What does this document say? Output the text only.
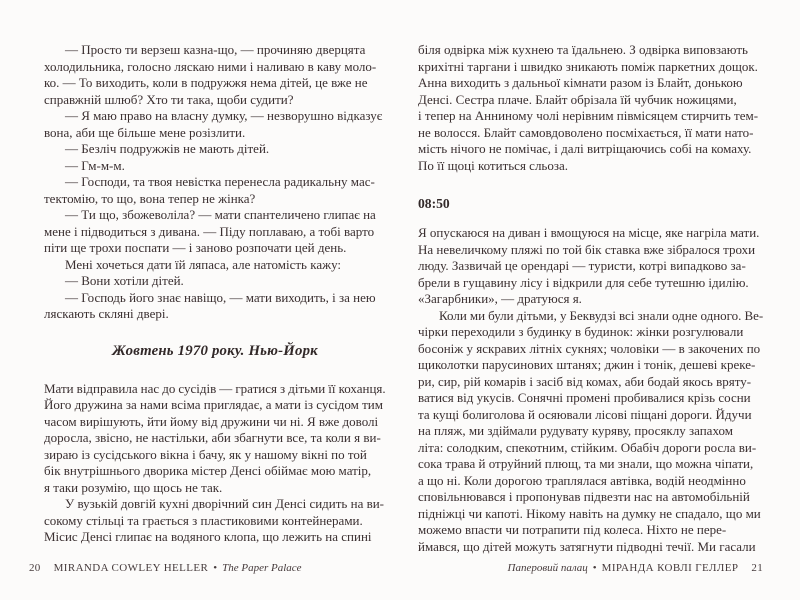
— Просто ти верзеш казна-що, — прочиняю дверцята
холодильника, голосно ляскаю ними і наливаю в каву моло-
ко. — То виходить, коли в подружжя нема дітей, це вже не
справжній шлюб? Хто ти така, щоби судити?
— Я маю право на власну думку, — незворушно відказує
вона, аби ще більше мене розізлити.
— Безліч подружжів не мають дітей.
— Гм-м-м.
— Господи, та твоя невістка перенесла радикальну мас-
тектомію, то що, вона тепер не жінка?
— Ти що, збожеволіла? — мати спантеличено глипає на
мене і підводиться з дивана. — Піду поплаваю, а тобі варто
піти ще трохи поспати — і заново розпочати цей день.
Мені хочеться дати їй ляпаса, але натомість кажу:
— Вони хотіли дітей.
— Господь його знає навіщо, — мати виходить, і за нею
ляскають скляні двері.
Жовтень 1970 року. Нью-Йорк
Мати відправила нас до сусідів — гратися з дітьми її коханця.
Його дружина за нами всіма приглядає, а мати із сусідом тим
часом вирішують, йти йому від дружини чи ні. Я вже доволі
доросла, звісно, не настільки, аби збагнути все, та коли я ви-
зираю із сусідського вікна і бачу, як у нашому вікні по той
бік внутрішнього дворика містер Денсі обіймає мою матір,
я таки розумію, що щось не так.
У вузькій довгій кухні дворічний син Денсі сидить на ви-
сокому стільці та грається з пластиковими контейнерами.
Місис Денсі глипає на водяного клопа, що лежить на спині
біля одвірка між кухнею та їдальнею. З одвірка виповзають
крихітні таргани і швидко зникають поміж паркетних дощок.
Анна виходить з дальньої кімнати разом із Блайт, донькою
Денсі. Сестра плаче. Блайт обрізала їй чубчик ножицями,
і тепер на Анниному чолі нерівним півмісяцем стирчить тем-
не волосся. Блайт самовдоволено посміхається, її мати нато-
мість нічого не помічає, і далі витріщаючись собі на комаху.
По її щоці котиться сльоза.
08:50
Я опускаюся на диван і вмощуюся на місце, яке нагріла мати.
На невеличкому пляжі по той бік ставка вже зібралося трохи
люду. Зазвичай це орендарі — туристи, котрі випадково за-
брели в гущавину лісу і відкрили для себе тутешню ідилію.
«Загарбники», — дратуюся я.
Коли ми були дітьми, у Беквудзі всі знали одне одного. Ве-
чірки переходили з будинку в будинок: жінки розгулювали
босоніж у яскравих літніх сукнях; чоловіки — в закочених по
щиколотки парусинових штанях; джин і тонік, дешеві креке-
ри, сир, рій комарів і засіб від комах, аби бодай якось вряту-
ватися від укусів. Сонячні промені пробивалися крізь сосни
та кущі болиголова й осяювали лісові піщані дороги. Йдучи
на пляж, ми здіймали рудувату куряву, просяклу запахом
літа: солодким, спекотним, стійким. Обабіч дороги росла ви-
сока трава й отруйний плющ, та ми знали, що можна чіпати,
а що ні. Коли дорогою траплялася автівка, водій неодмінно
сповільнювався і пропонував підвезти нас на автомобільній
підніжці чи капоті. Нікому навіть на думку не спадало, що ми
можемо впасти чи потрапити під колеса. Ніхто не пере-
ймався, що дітей можуть затягнути підводні течії. Ми гасали
20 MIRANDA COWLEY HELLER • The Paper Palace	Паперовий палац • МІРАНДА КОВЛІ ГЕЛЛЕР 21
